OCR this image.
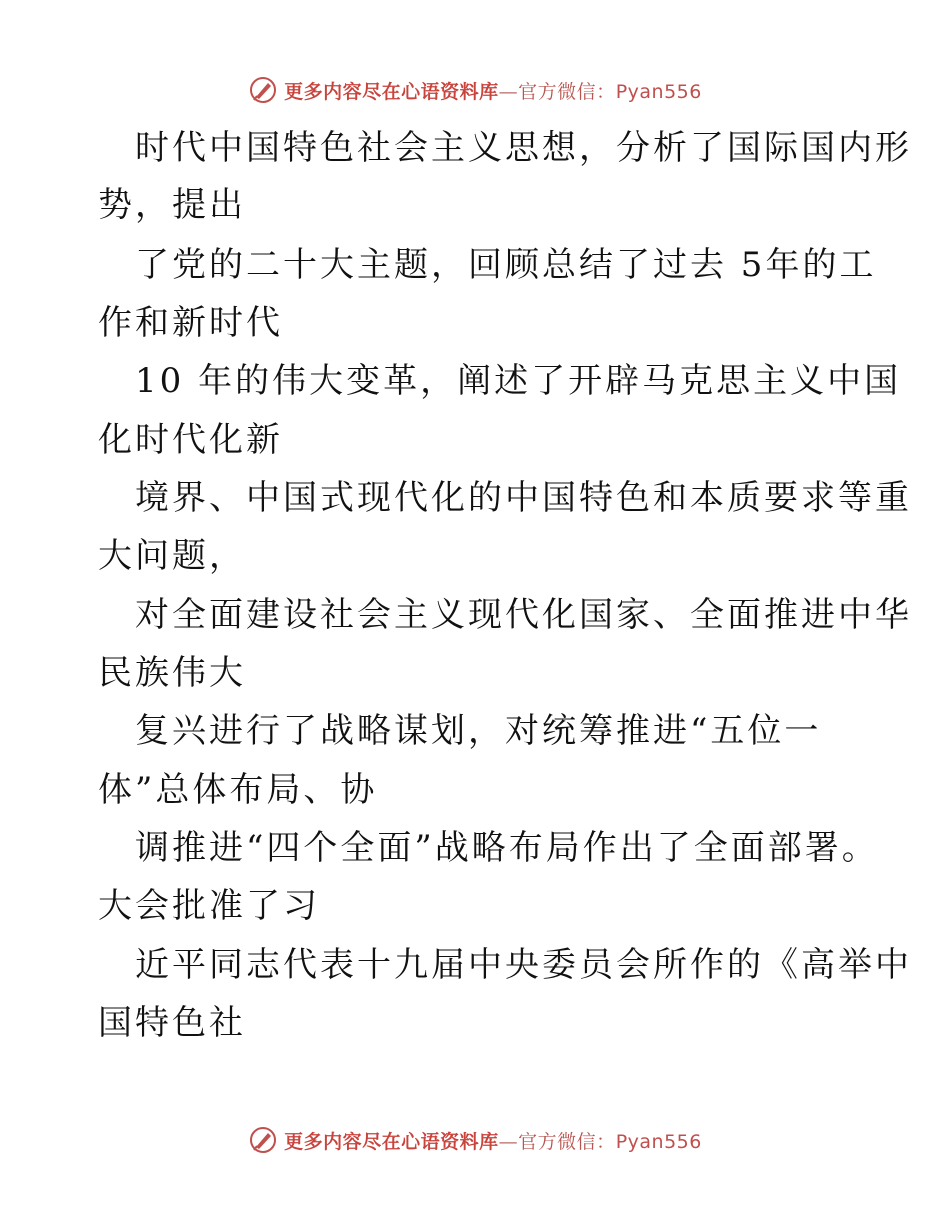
更多内容尽在心语资料库—官方微信：Pyan556
时代中国特色社会主义思想，分析了国际国内形
势，提出
了党的二十大主题，回顾总结了过去 5年的工
作和新时代
10 年的伟大变革，阐述了开辟马克思主义中国
化时代化新
境界、中国式现代化的中国特色和本质要求等重
大问题，
对全面建设社会主义现代化国家、全面推进中华
民族伟大
复兴进行了战略谋划，对统筹推进“五位一
体”总体布局、协
调推进“四个全面”战略布局作出了全面部署。
大会批准了习
近平同志代表十九届中央委员会所作的《高举中
国特色社
更多内容尽在心语资料库—官方微信：Pyan556
